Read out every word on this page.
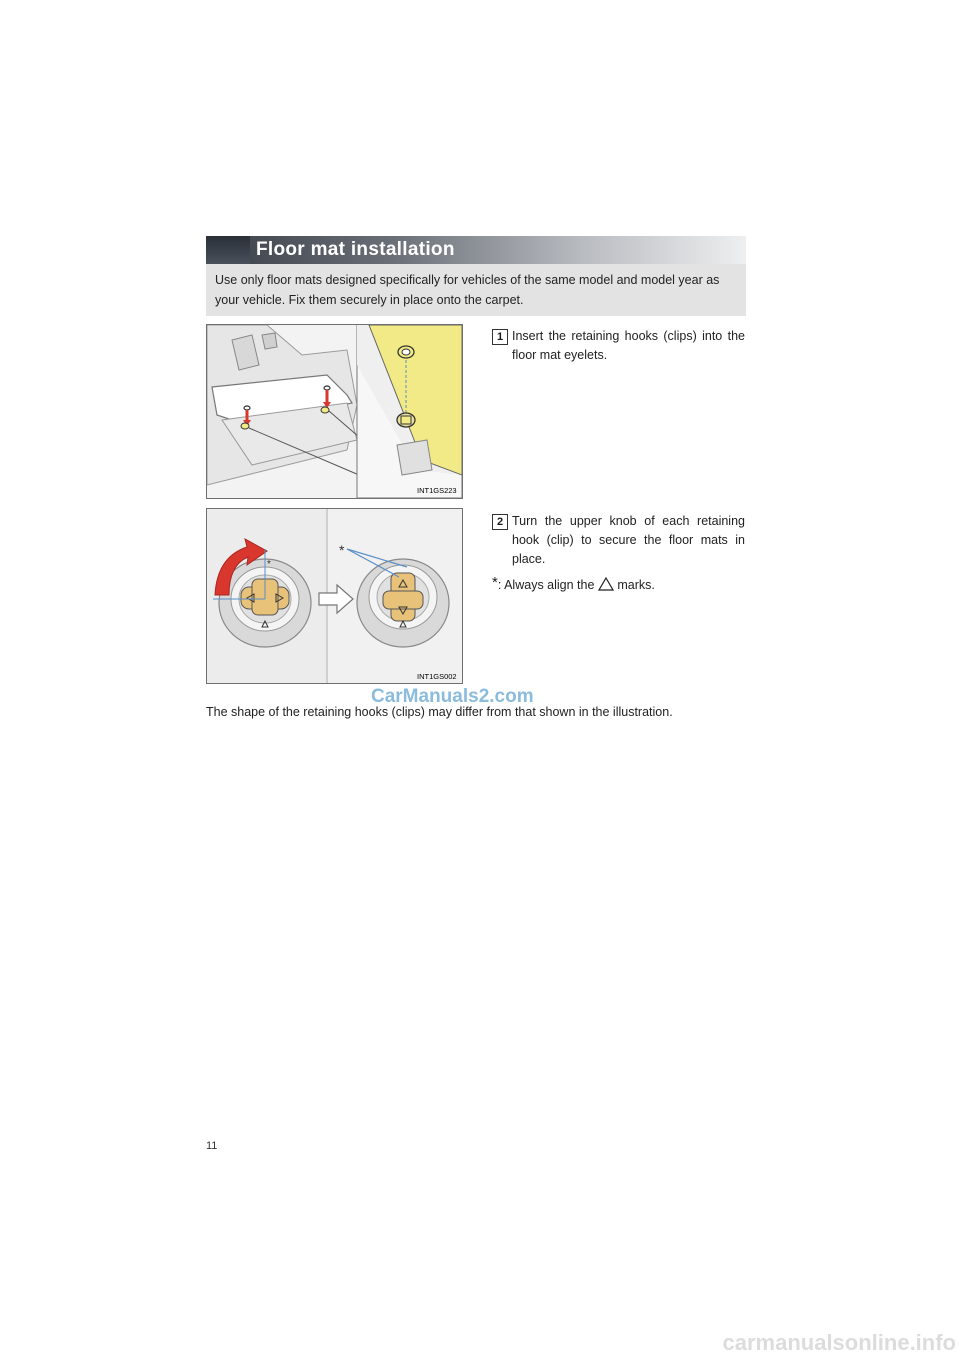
Floor mat installation
Use only floor mats designed specifically for vehicles of the same model and model year as your vehicle. Fix them securely in place onto the carpet.
INT1GS223
1 Insert the retaining hooks (clips) into the floor mat eyelets.
*
*
INT1GS002
2 Turn the upper knob of each retaining hook (clip) to secure the floor mats in place.
*: Always align the  marks.
CarManuals2.com
The shape of the retaining hooks (clips) may differ from that shown in the illustration.
11
carmanualsonline.info
